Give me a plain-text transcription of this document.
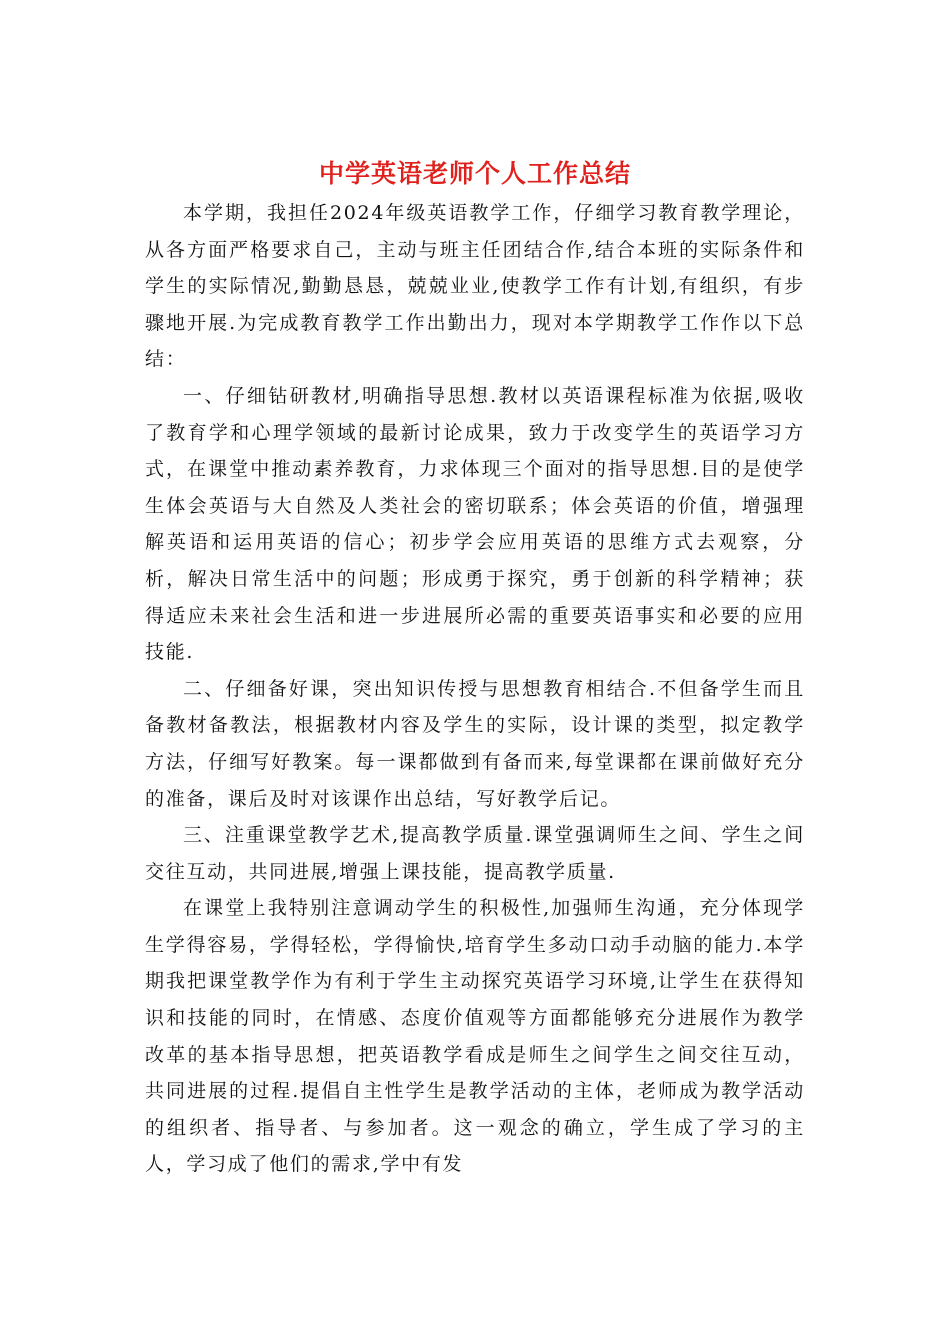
中学英语老师个人工作总结

本学期，我担任2024年级英语教学工作，仔细学习教育教学理论，从各方面严格要求自己，主动与班主任团结合作,结合本班的实际条件和学生的实际情况,勤勤恳恳，兢兢业业,使教学工作有计划,有组织，有步骤地开展.为完成教育教学工作出勤出力，现对本学期教学工作作以下总结：

一、仔细钻研教材,明确指导思想.教材以英语课程标准为依据,吸收了教育学和心理学领域的最新讨论成果，致力于改变学生的英语学习方式，在课堂中推动素养教育，力求体现三个面对的指导思想.目的是使学生体会英语与大自然及人类社会的密切联系；体会英语的价值，增强理解英语和运用英语的信心；初步学会应用英语的思维方式去观察，分析，解决日常生活中的问题；形成勇于探究，勇于创新的科学精神；获得适应未来社会生活和进一步进展所必需的重要英语事实和必要的应用技能.

二、仔细备好课，突出知识传授与思想教育相结合.不但备学生而且备教材备教法，根据教材内容及学生的实际，设计课的类型，拟定教学方法，仔细写好教案。每一课都做到有备而来,每堂课都在课前做好充分的准备，课后及时对该课作出总结，写好教学后记。

三、注重课堂教学艺术,提高教学质量.课堂强调师生之间、学生之间交往互动，共同进展,增强上课技能，提高教学质量.

在课堂上我特别注意调动学生的积极性,加强师生沟通，充分体现学生学得容易，学得轻松，学得愉快,培育学生多动口动手动脑的能力.本学期我把课堂教学作为有利于学生主动探究英语学习环境,让学生在获得知识和技能的同时，在情感、态度价值观等方面都能够充分进展作为教学改革的基本指导思想，把英语教学看成是师生之间学生之间交往互动，共同进展的过程.提倡自主性学生是教学活动的主体，老师成为教学活动的组织者、指导者、与参加者。这一观念的确立，学生成了学习的主人，学习成了他们的需求,学中有发
